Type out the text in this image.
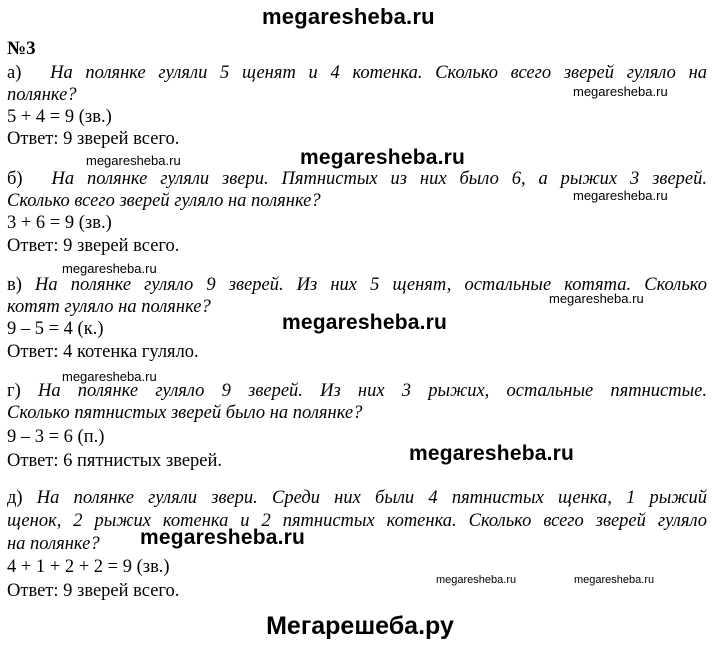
megaresheba.ru
№3
а) На полянке гуляли 5 щенят и 4 котенка. Сколько всего зверей гуляло на
полянке?	megaresheba.ru
5 + 4 = 9 (зв.)
Ответ: 9 зверей всего.
megaresheba.ru	megaresheba.ru
б) На полянке гуляли звери. Пятнистых из них было 6, а рыжих 3 зверей.
megaresheba.ru
Сколько всего зверей гуляло на полянке?
3 + 6 = 9 (зв.)
Ответ: 9 зверей всего.
megaresheba.ru
в) На полянке гуляло 9 зверей. Из них 5 щенят, остальные котята. Сколько
megaresheba.ru
котят гуляло на полянке?
megaresheba.ru
9 – 5 = 4 (к.)
Ответ: 4 котенка гуляло.
megaresheba.ru
г) На полянке гуляло 9 зверей. Из них 3 рыжих, остальные пятнистые.
Сколько пятнистых зверей было на полянке?
9 – 3 = 6 (п.)
megaresheba.ru
Ответ: 6 пятнистых зверей.
д) На полянке гуляли звери. Среди них были 4 пятнистых щенка, 1 рыжий
щенок, 2 рыжих котенка и 2 пятнистых котенка. Сколько всего зверей гуляло
на полянке? megaresheba.ru
4 + 1 + 2 + 2 = 9 (зв.)
megaresheba.ru	megaresheba.ru
Ответ: 9 зверей всего.
Мегарешеба.ру
